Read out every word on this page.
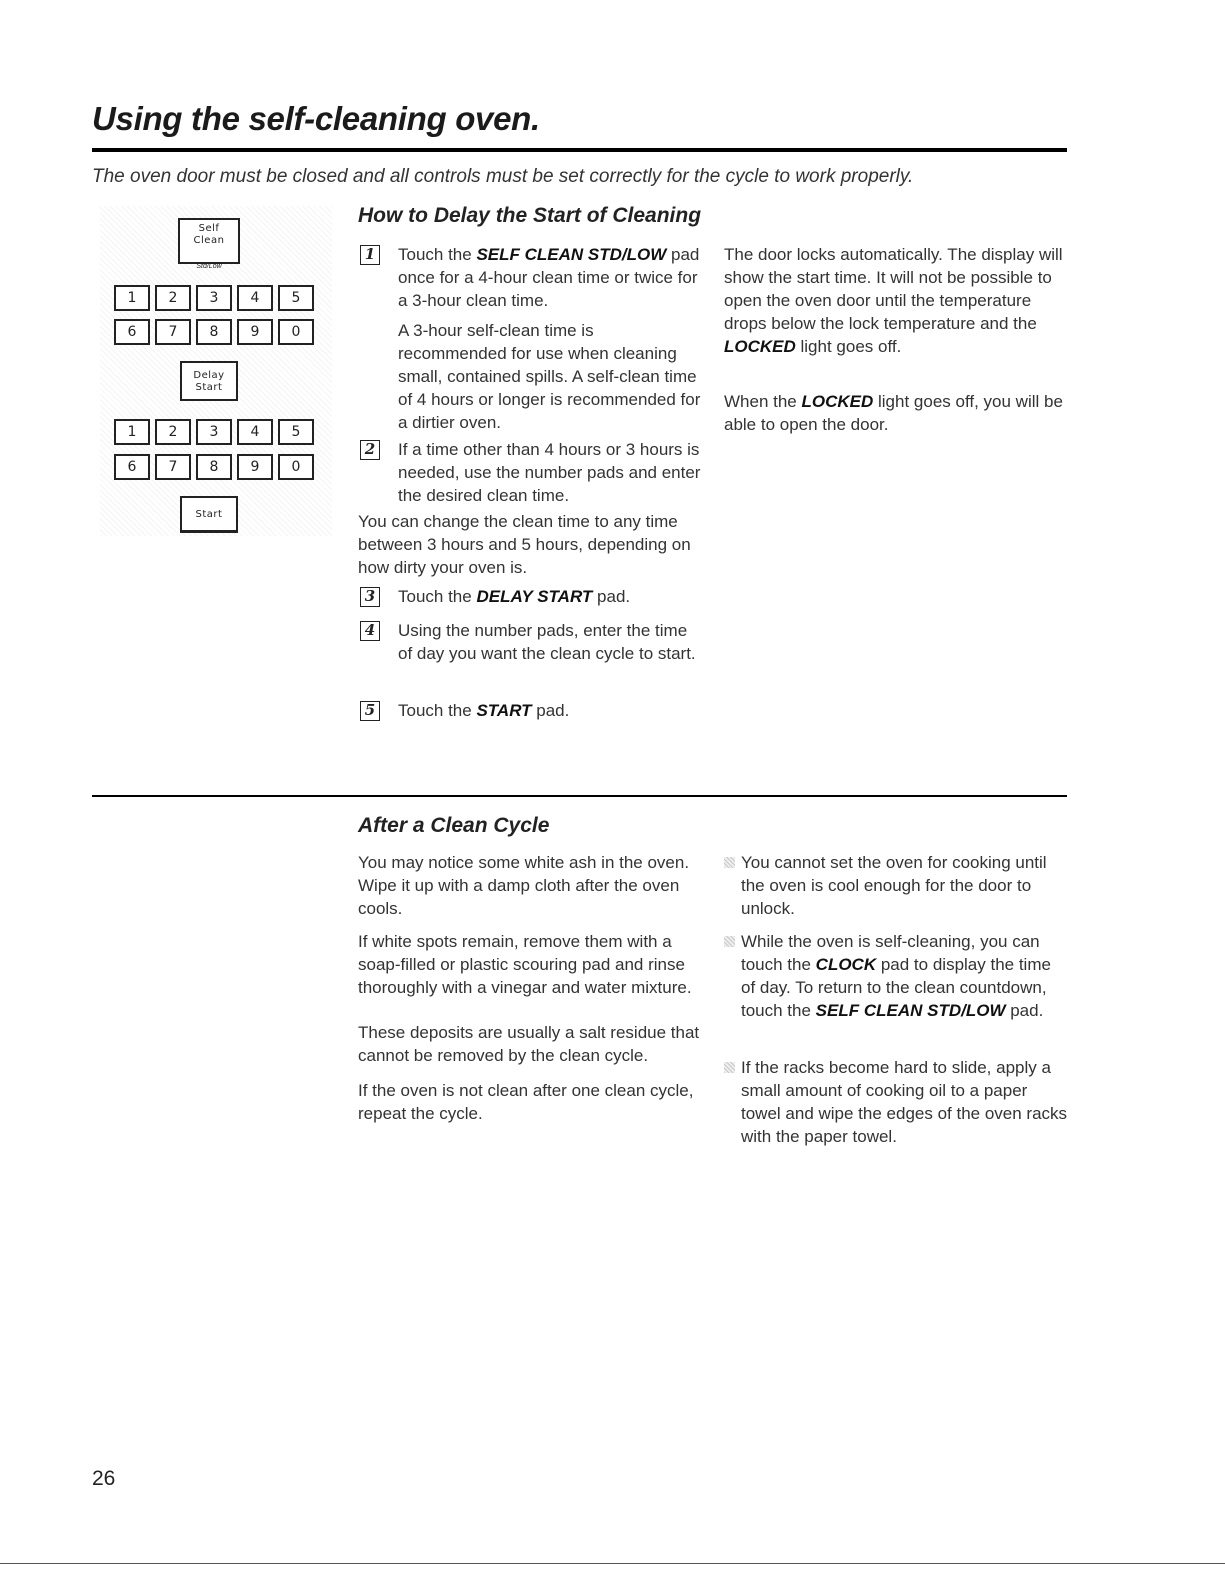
Using the self-cleaning oven.
The oven door must be closed and all controls must be set correctly for the cycle to work properly.
Self
Clean
Std/Low
1	2	3	4	5
6	7	8	9	0
Delay
Start
1	2	3	4	5
6	7	8	9	0
Start
How to Delay the Start of Cleaning
1 Touch the SELF CLEAN STD/LOW pad once for a 4-hour clean time or twice for a 3-hour clean time.

A 3-hour self-clean time is recommended for use when cleaning small, contained spills. A self-clean time of 4 hours or longer is recommended for a dirtier oven.

2 If a time other than 4 hours or 3 hours is needed, use the number pads and enter the desired clean time.

You can change the clean time to any time between 3 hours and 5 hours, depending on how dirty your oven is.

3 Touch the DELAY START pad.

4 Using the number pads, enter the time of day you want the clean cycle to start.

5 Touch the START pad.

The door locks automatically. The display will show the start time. It will not be possible to open the oven door until the temperature drops below the lock temperature and the LOCKED light goes off.

When the LOCKED light goes off, you will be able to open the door.

After a Clean Cycle

You may notice some white ash in the oven. Wipe it up with a damp cloth after the oven cools.

If white spots remain, remove them with a soap-filled or plastic scouring pad and rinse thoroughly with a vinegar and water mixture.

These deposits are usually a salt residue that cannot be removed by the clean cycle.

If the oven is not clean after one clean cycle, repeat the cycle.

You cannot set the oven for cooking until the oven is cool enough for the door to unlock.

While the oven is self-cleaning, you can touch the CLOCK pad to display the time of day. To return to the clean countdown, touch the SELF CLEAN STD/LOW pad.

If the racks become hard to slide, apply a small amount of cooking oil to a paper towel and wipe the edges of the oven racks with the paper towel.

26
